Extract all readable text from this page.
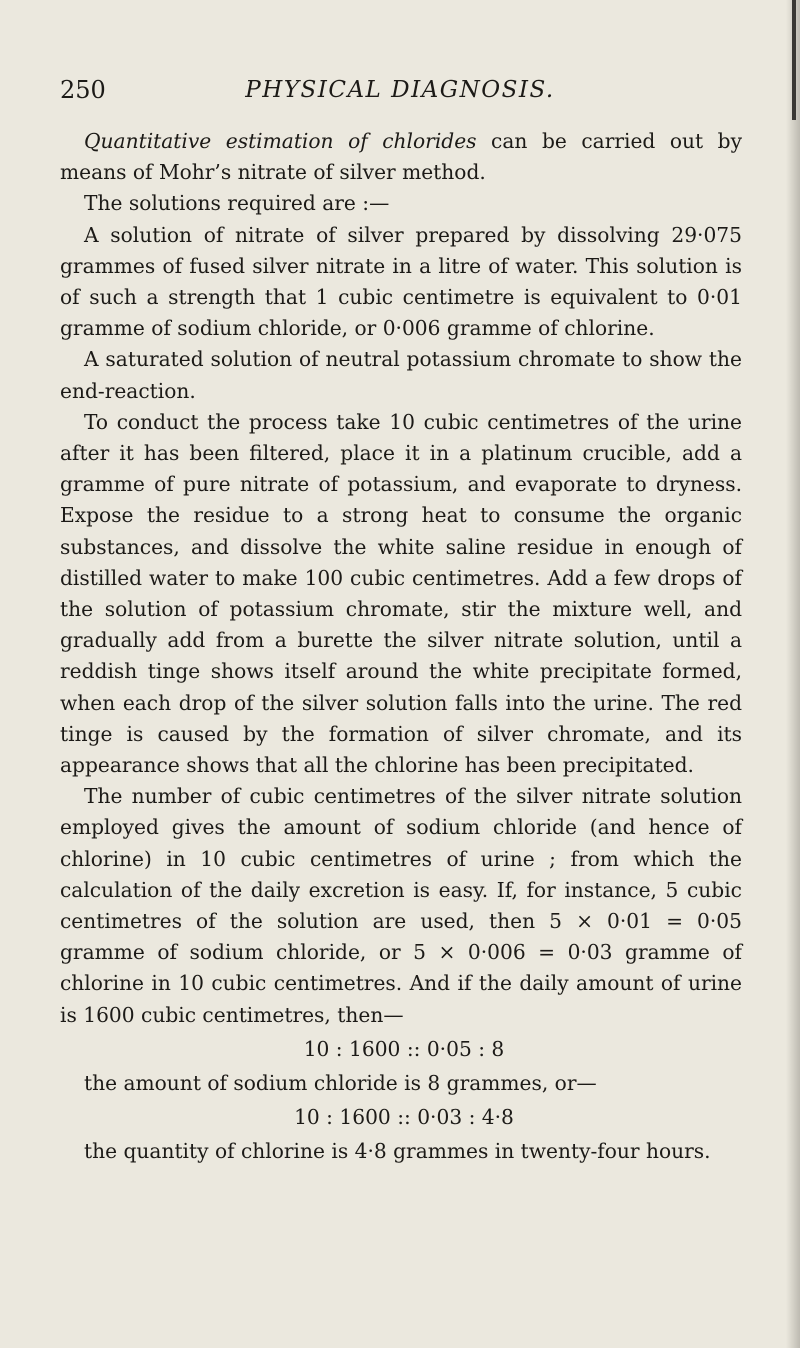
250	PHYSICAL DIAGNOSIS.

Quantitative estimation of chlorides can be carried out by means of Mohr’s nitrate of silver method.

The solutions required are :—

A solution of nitrate of silver prepared by dissolving 29·075 grammes of fused silver nitrate in a litre of water. This solution is of such a strength that 1 cubic centimetre is equivalent to 0·01 gramme of sodium chloride, or 0·006 gramme of chlorine.

A saturated solution of neutral potassium chromate to show the end-reaction.

To conduct the process take 10 cubic centimetres of the urine after it has been filtered, place it in a platinum crucible, add a gramme of pure nitrate of potassium, and evaporate to dryness. Expose the residue to a strong heat to consume the organic substances, and dissolve the white saline residue in enough of distilled water to make 100 cubic centimetres. Add a few drops of the solution of potassium chromate, stir the mixture well, and gradually add from a burette the silver nitrate solution, until a reddish tinge shows itself around the white precipitate formed, when each drop of the silver solution falls into the urine. The red tinge is caused by the formation of silver chromate, and its appearance shows that all the chlorine has been precipitated.

The number of cubic centimetres of the silver nitrate solution employed gives the amount of sodium chloride (and hence of chlorine) in 10 cubic centimetres of urine ; from which the calculation of the daily excretion is easy. If, for instance, 5 cubic centimetres of the solution are used, then 5 × 0·01 = 0·05 gramme of sodium chloride, or 5 × 0·006 = 0·03 gramme of chlorine in 10 cubic centimetres. And if the daily amount of urine is 1600 cubic centimetres, then—

10 : 1600 :: 0·05 : 8

the amount of sodium chloride is 8 grammes, or—

10 : 1600 :: 0·03 : 4·8

the quantity of chlorine is 4·8 grammes in twenty-four hours.
